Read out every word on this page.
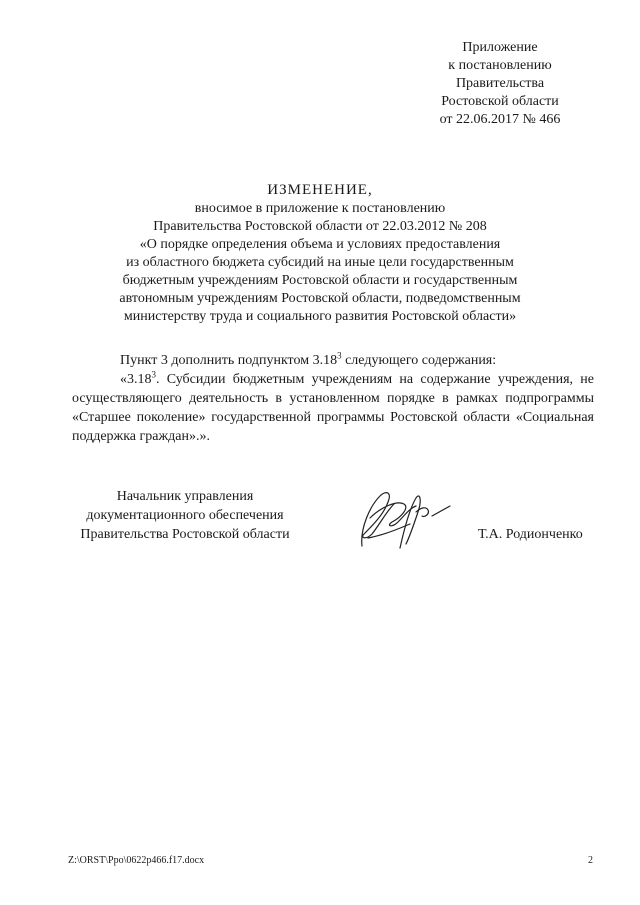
Приложение
к постановлению
Правительства
Ростовской области
от 22.06.2017 № 466
ИЗМЕНЕНИЕ,
вносимое в приложение к постановлению
Правительства Ростовской области от 22.03.2012 № 208
«О порядке определения объема и условиях предоставления
из областного бюджета субсидий на иные цели государственным
бюджетным учреждениям Ростовской области и государственным
автономным учреждениям Ростовской области, подведомственным
министерству труда и социального развития Ростовской области»

Пункт 3 дополнить подпунктом 3.18$^3$ следующего содержания:

«3.18$^3$. Субсидии бюджетным учреждениям на содержание учреждения, не осуществляющего деятельность в установленном порядке в рамках подпрограммы «Старшее поколение» государственной программы Ростовской области «Социальная поддержка граждан».».

Начальник управления
документационного обеспечения
Правительства Ростовской области	Т.А. Родионченко
Z:\ORST\Ppo\0622p466.f17.docx	2
